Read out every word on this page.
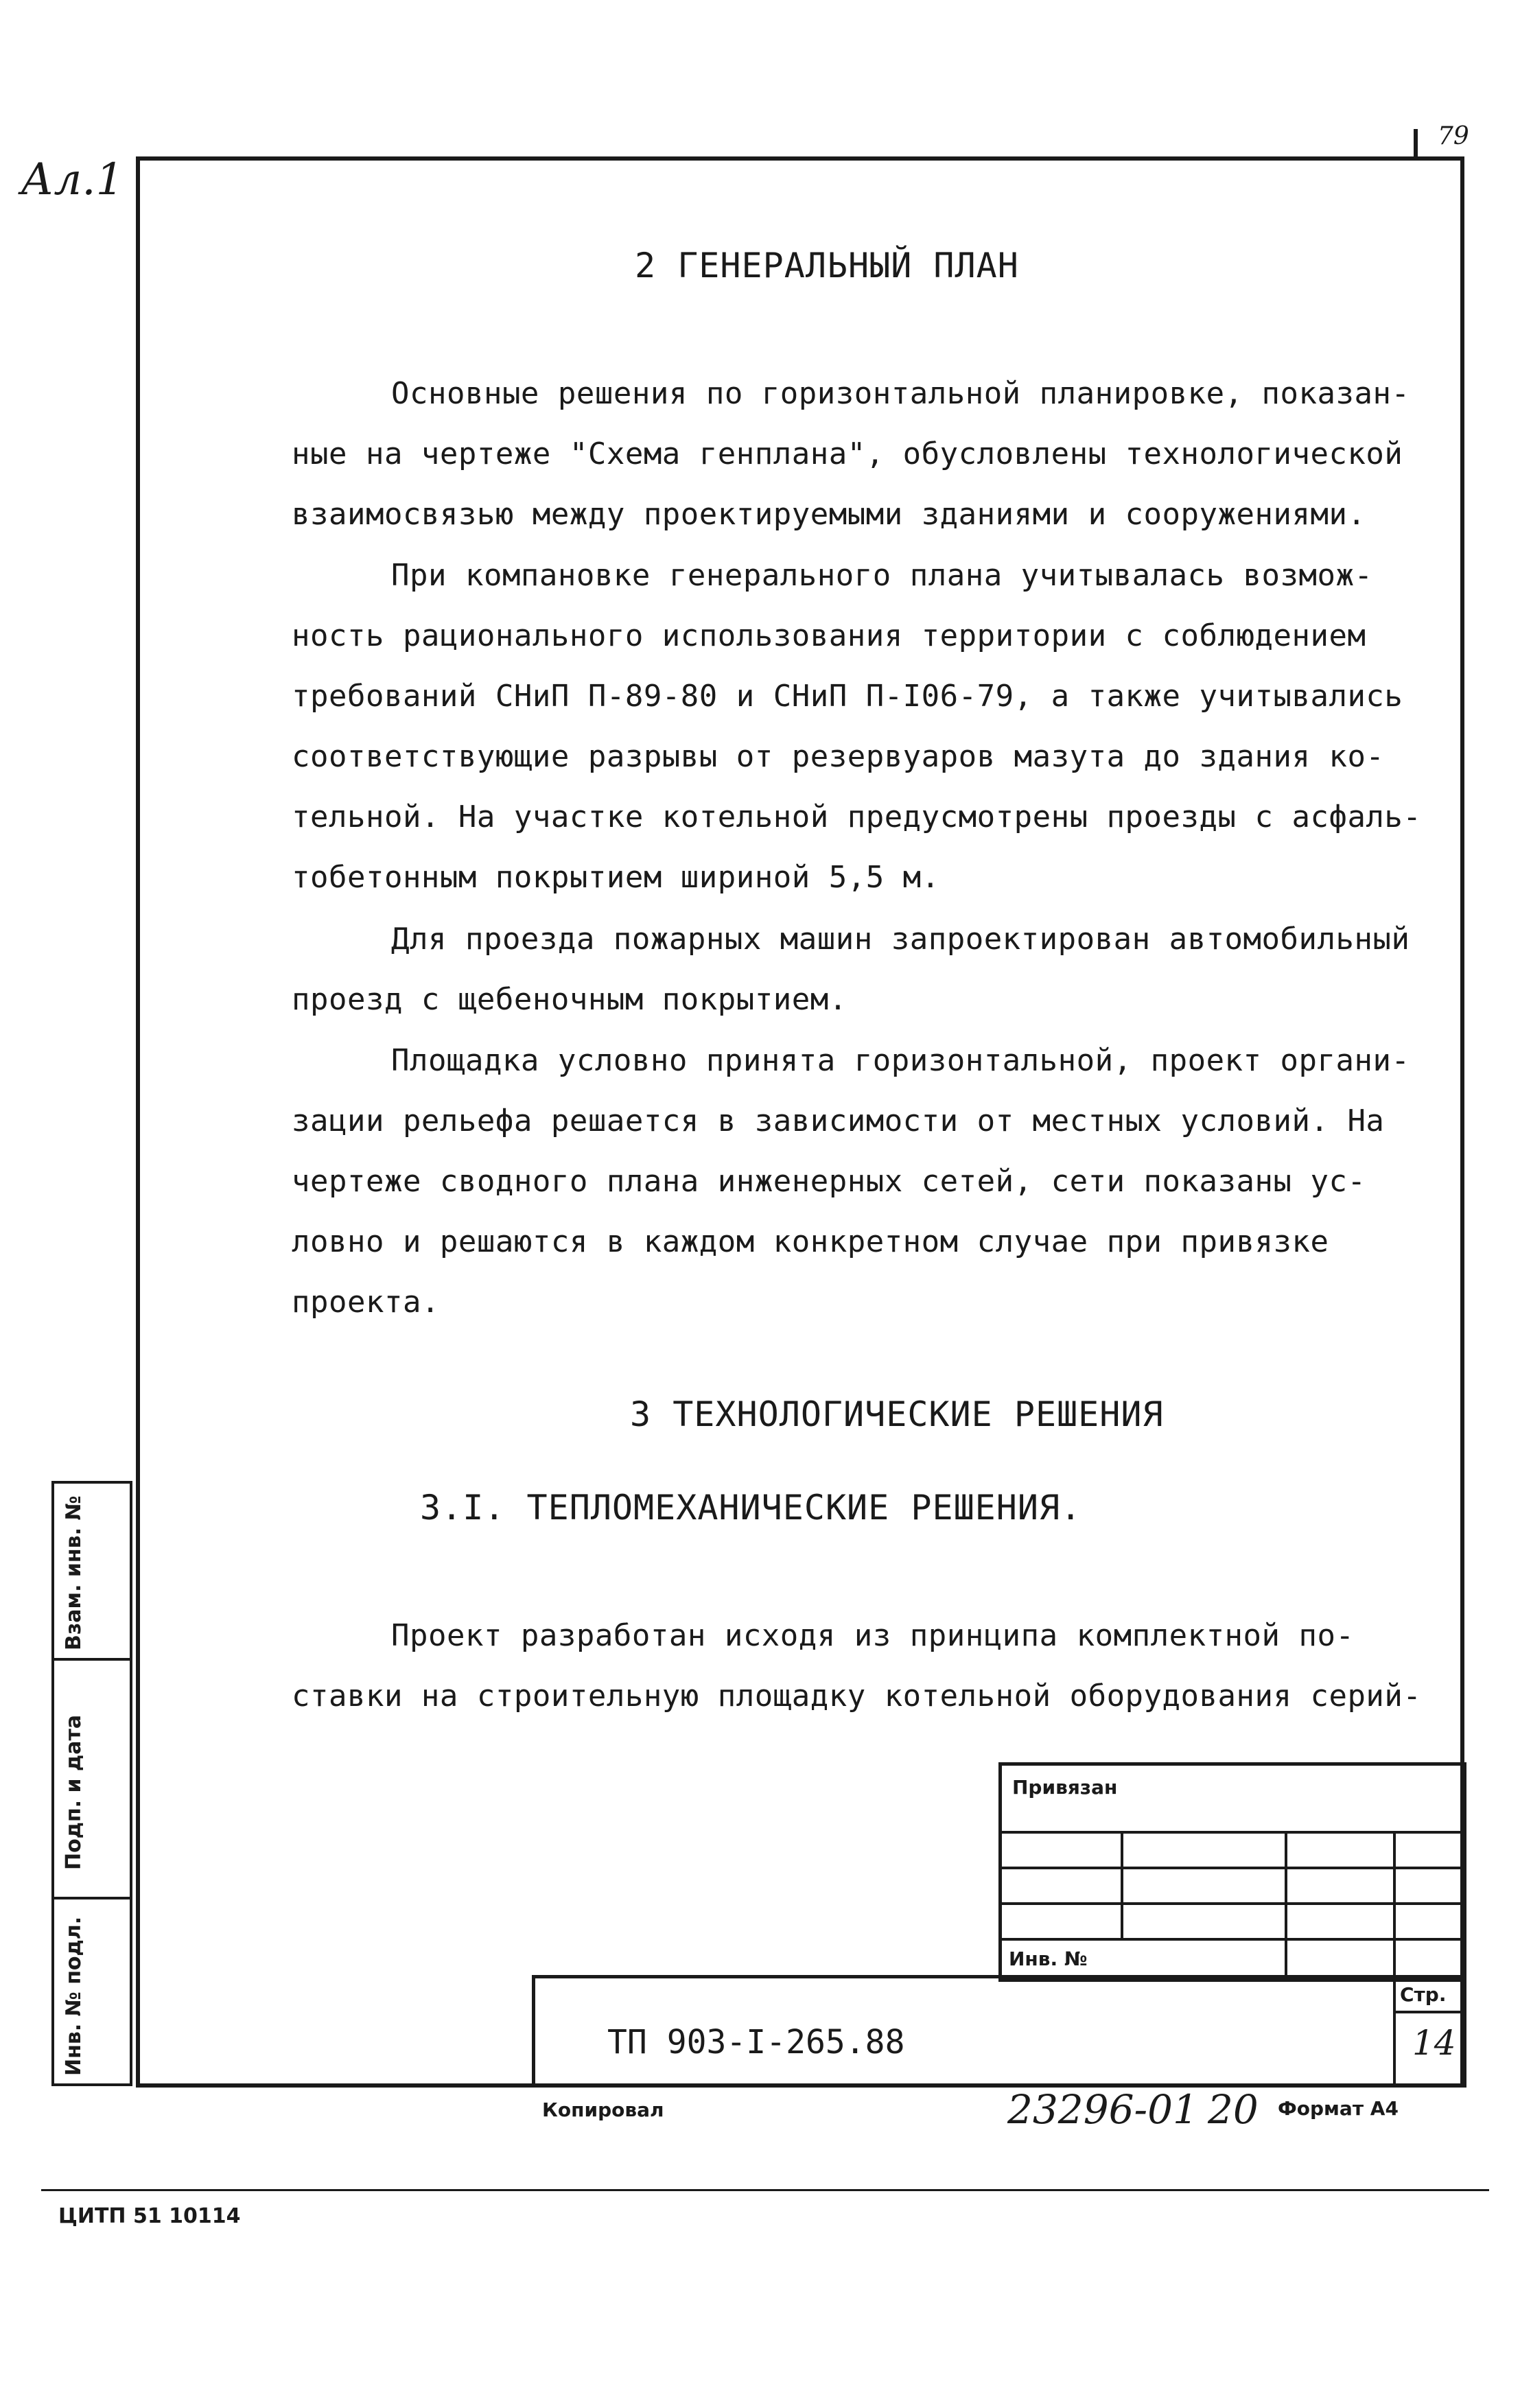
Ал.1
79
2 ГЕНЕРАЛЬНЫЙ ПЛАН
Основные решения по горизонтальной планировке, показан-
ные на чертеже "Схема генплана", обусловлены технологической
взаимосвязью между проектируемыми зданиями и сооружениями.
При компановке генерального плана учитывалась возмож-
ность рационального использования территории с соблюдением
требований СНиП П-89-80 и СНиП П-I06-79, а также учитывались
соответствующие разрывы от резервуаров мазута до здания ко-
тельной. На участке котельной предусмотрены проезды с асфаль-
тобетонным покрытием шириной 5,5 м.
Для проезда пожарных машин запроектирован автомобильный
проезд с щебеночным покрытием.
Площадка условно принята горизонтальной, проект органи-
зации рельефа решается в зависимости от местных условий. На
чертеже сводного плана инженерных сетей, сети показаны ус-
ловно и решаются в каждом конкретном случае при привязке
проекта.
3 ТЕХНОЛОГИЧЕСКИЕ РЕШЕНИЯ
3.I. ТЕПЛОМЕХАНИЧЕСКИЕ РЕШЕНИЯ.
Проект разработан исходя из принципа комплектной по-
ставки на строительную площадку котельной оборудования серий-
Взам. инв. №
Подп. и дата
Инв. № подл.
Привязан
Инв. №
Стр.
14
ТП 903-I-265.88
Копировал	23296-01 20 Формат А4
ЦИТП 51 10114
